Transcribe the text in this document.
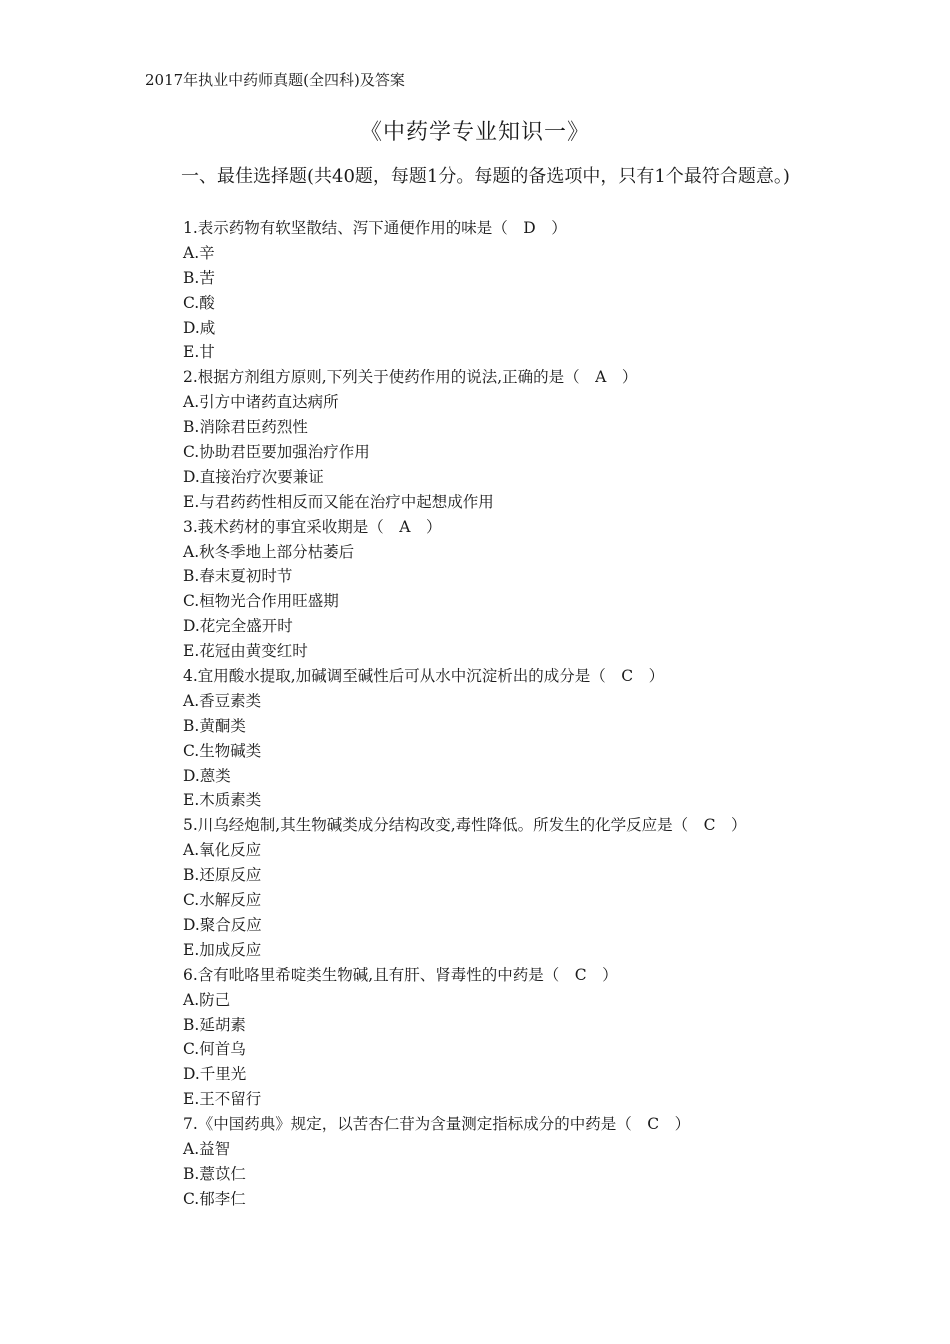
2017年执业中药师真题(全四科)及答案
《中药学专业知识一》
一、最佳选择题(共40题，每题1分。每题的备选项中，只有1个最符合题意。)
1.表示药物有软坚散结、泻下通便作用的味是（　D　）
A.辛
B.苦
C.酸
D.咸
E.甘
2.根据方剂组方原则,下列关于使药作用的说法,正确的是（　A　）
A.引方中诸药直达病所
B.消除君臣药烈性
C.协助君臣要加强治疗作用
D.直接治疗次要兼证
E.与君药药性相反而又能在治疗中起想成作用
3.莪术药材的事宜采收期是（　A　）
A.秋冬季地上部分枯萎后
B.春末夏初时节
C.桓物光合作用旺盛期
D.花完全盛开时
E.花冠由黄变红时
4.宜用酸水提取,加碱调至碱性后可从水中沉淀析出的成分是（　C　）
A.香豆素类
B.黄酮类
C.生物碱类
D.蒽类
E.木质素类
5.川乌经炮制,其生物碱类成分结构改变,毒性降低。所发生的化学反应是（　C　）
A.氧化反应
B.还原反应
C.水解反应
D.聚合反应
E.加成反应
6.含有吡咯里希啶类生物碱,且有肝、肾毒性的中药是（　C　）
A.防己
B.延胡素
C.何首乌
D.千里光
E.王不留行
7.《中国药典》规定，以苦杏仁苷为含量测定指标成分的中药是（　C　）
A.益智
B.薏苡仁
C.郁李仁
